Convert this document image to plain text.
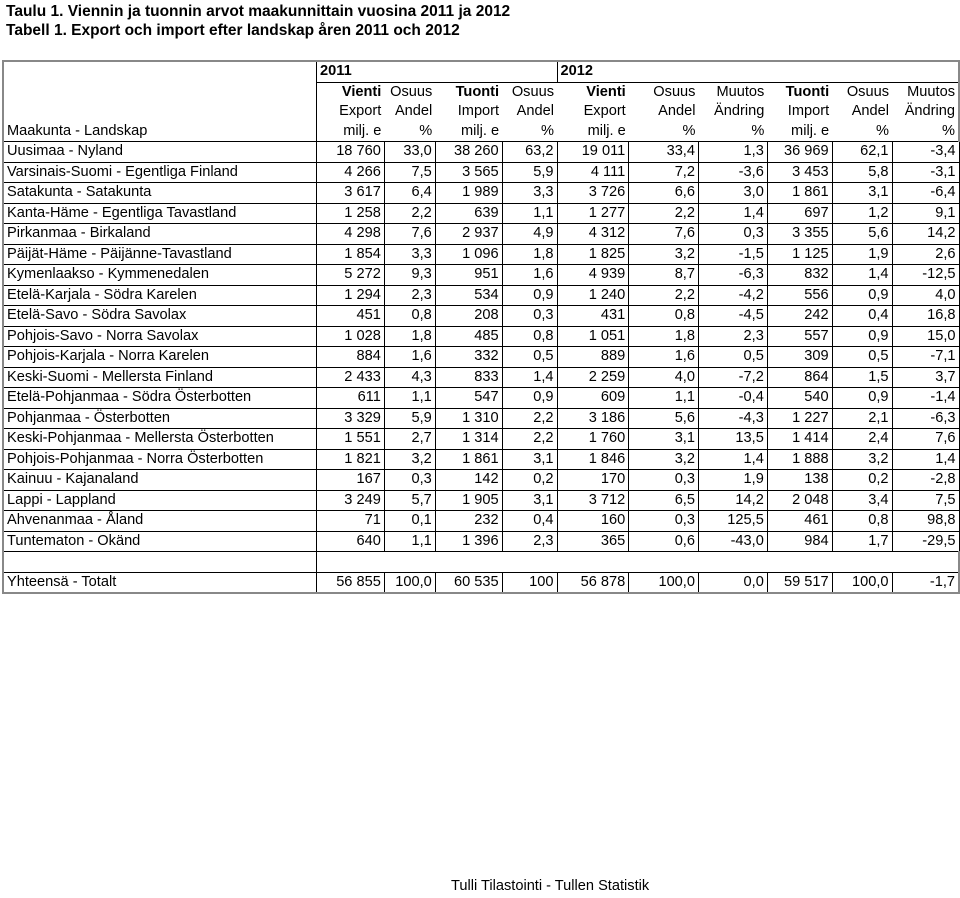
Taulu 1. Viennin ja tuonnin arvot maakunnittain vuosina 2011 ja 2012
Tabell 1. Export och import efter landskap åren 2011 och 2012
	2011				2012					
	Vienti	Osuus	Tuonti	Osuus	Vienti	Osuus	Muutos	Tuonti	Osuus	Muutos
	Export	Andel	Import	Andel	Export	Andel	Ändring	Import	Andel	Ändring
Maakunta - Landskap	milj. e	%	milj. e	%	milj. e	%	%	milj. e	%	%
Uusimaa - Nyland	18 760	33,0	38 260	63,2	19 011	33,4	1,3	36 969	62,1	-3,4
Varsinais-Suomi - Egentliga Finland	4 266	7,5	3 565	5,9	4 111	7,2	-3,6	3 453	5,8	-3,1
Satakunta - Satakunta	3 617	6,4	1 989	3,3	3 726	6,6	3,0	1 861	3,1	-6,4
Kanta-Häme - Egentliga Tavastland	1 258	2,2	639	1,1	1 277	2,2	1,4	697	1,2	9,1
Pirkanmaa - Birkaland	4 298	7,6	2 937	4,9	4 312	7,6	0,3	3 355	5,6	14,2
Päijät-Häme - Päijänne-Tavastland	1 854	3,3	1 096	1,8	1 825	3,2	-1,5	1 125	1,9	2,6
Kymenlaakso - Kymmenedalen	5 272	9,3	951	1,6	4 939	8,7	-6,3	832	1,4	-12,5
Etelä-Karjala - Södra Karelen	1 294	2,3	534	0,9	1 240	2,2	-4,2	556	0,9	4,0
Etelä-Savo - Södra Savolax	451	0,8	208	0,3	431	0,8	-4,5	242	0,4	16,8
Pohjois-Savo - Norra Savolax	1 028	1,8	485	0,8	1 051	1,8	2,3	557	0,9	15,0
Pohjois-Karjala - Norra Karelen	884	1,6	332	0,5	889	1,6	0,5	309	0,5	-7,1
Keski-Suomi - Mellersta Finland	2 433	4,3	833	1,4	2 259	4,0	-7,2	864	1,5	3,7
Etelä-Pohjanmaa - Södra Österbotten	611	1,1	547	0,9	609	1,1	-0,4	540	0,9	-1,4
Pohjanmaa - Österbotten	3 329	5,9	1 310	2,2	3 186	5,6	-4,3	1 227	2,1	-6,3
Keski-Pohjanmaa - Mellersta Österbotten	1 551	2,7	1 314	2,2	1 760	3,1	13,5	1 414	2,4	7,6
Pohjois-Pohjanmaa - Norra Österbotten	1 821	3,2	1 861	3,1	1 846	3,2	1,4	1 888	3,2	1,4
Kainuu - Kajanaland	167	0,3	142	0,2	170	0,3	1,9	138	0,2	-2,8
Lappi - Lappland	3 249	5,7	1 905	3,1	3 712	6,5	14,2	2 048	3,4	7,5
Ahvenanmaa - Åland	71	0,1	232	0,4	160	0,3	125,5	461	0,8	98,8
Tuntematon - Okänd	640	1,1	1 396	2,3	365	0,6	-43,0	984	1,7	-29,5

Yhteensä - Totalt	56 855	100,0	60 535	100	56 878	100,0	0,0	59 517	100,0	-1,7
Tulli Tilastointi - Tullen Statistik
